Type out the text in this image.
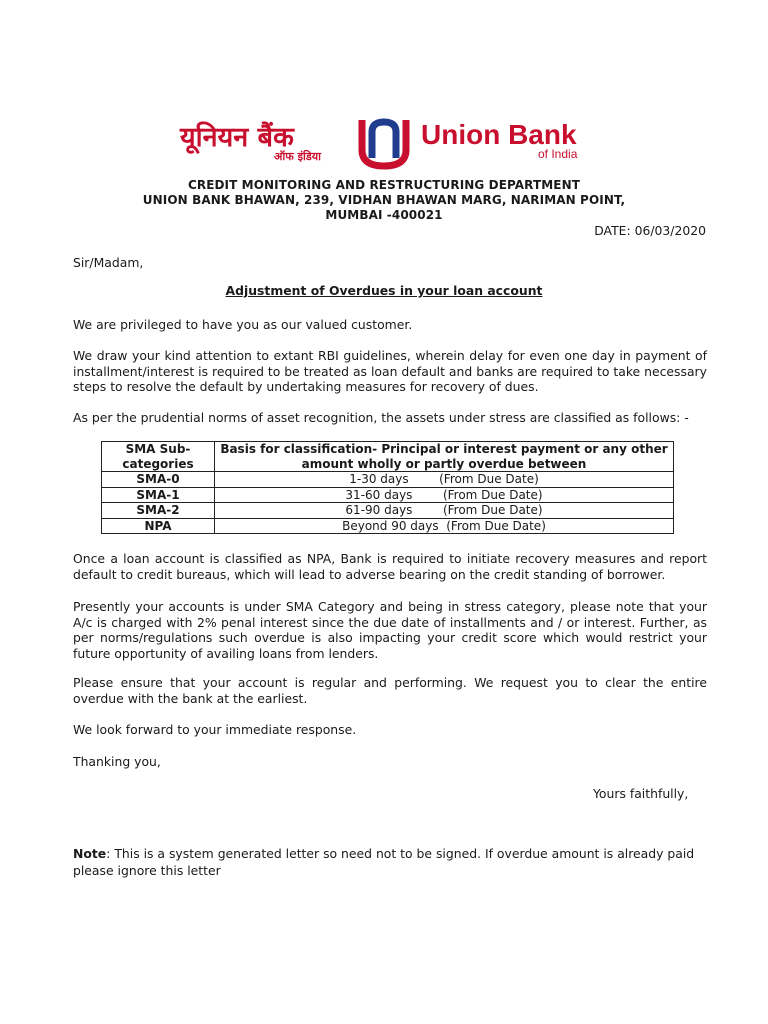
यूनियन बैंक
ऑफ इंडिया
Union Bank
of India
CREDIT MONITORING AND RESTRUCTURING DEPARTMENT
UNION BANK BHAWAN, 239, VIDHAN BHAWAN MARG, NARIMAN POINT,
MUMBAI -400021
DATE: 06/03/2020
Sir/Madam,
Adjustment of Overdues in your loan account
We are privileged to have you as our valued customer.
We draw your kind attention to extant RBI guidelines, wherein delay for even one day in payment of installment/interest is required to be treated as loan default and banks are required to take necessary steps to resolve the default by undertaking measures for recovery of dues.
As per the prudential norms of asset recognition, the assets under stress are classified as follows: -
SMA Sub-categories	Basis for classification- Principal or interest payment or any other amount wholly or partly overdue between
SMA-0	1-30 days        (From Due Date)
SMA-1	31-60 days        (From Due Date)
SMA-2	61-90 days        (From Due Date)
NPA	Beyond 90 days  (From Due Date)
Once a loan account is classified as NPA, Bank is required to initiate recovery measures and report default to credit bureaus, which will lead to adverse bearing on the credit standing of borrower.
Presently your accounts is under SMA Category and being in stress category, please note that your A/c is charged with 2% penal interest since the due date of installments and / or interest. Further, as per norms/regulations such overdue is also impacting your credit score which would restrict your future opportunity of availing loans from lenders.
Please ensure that your account is regular and performing. We request you to clear the entire overdue with the bank at the earliest.
We look forward to your immediate response.
Thanking you,
Yours faithfully,
Note: This is a system generated letter so need not to be signed. If overdue amount is already paid please ignore this letter
